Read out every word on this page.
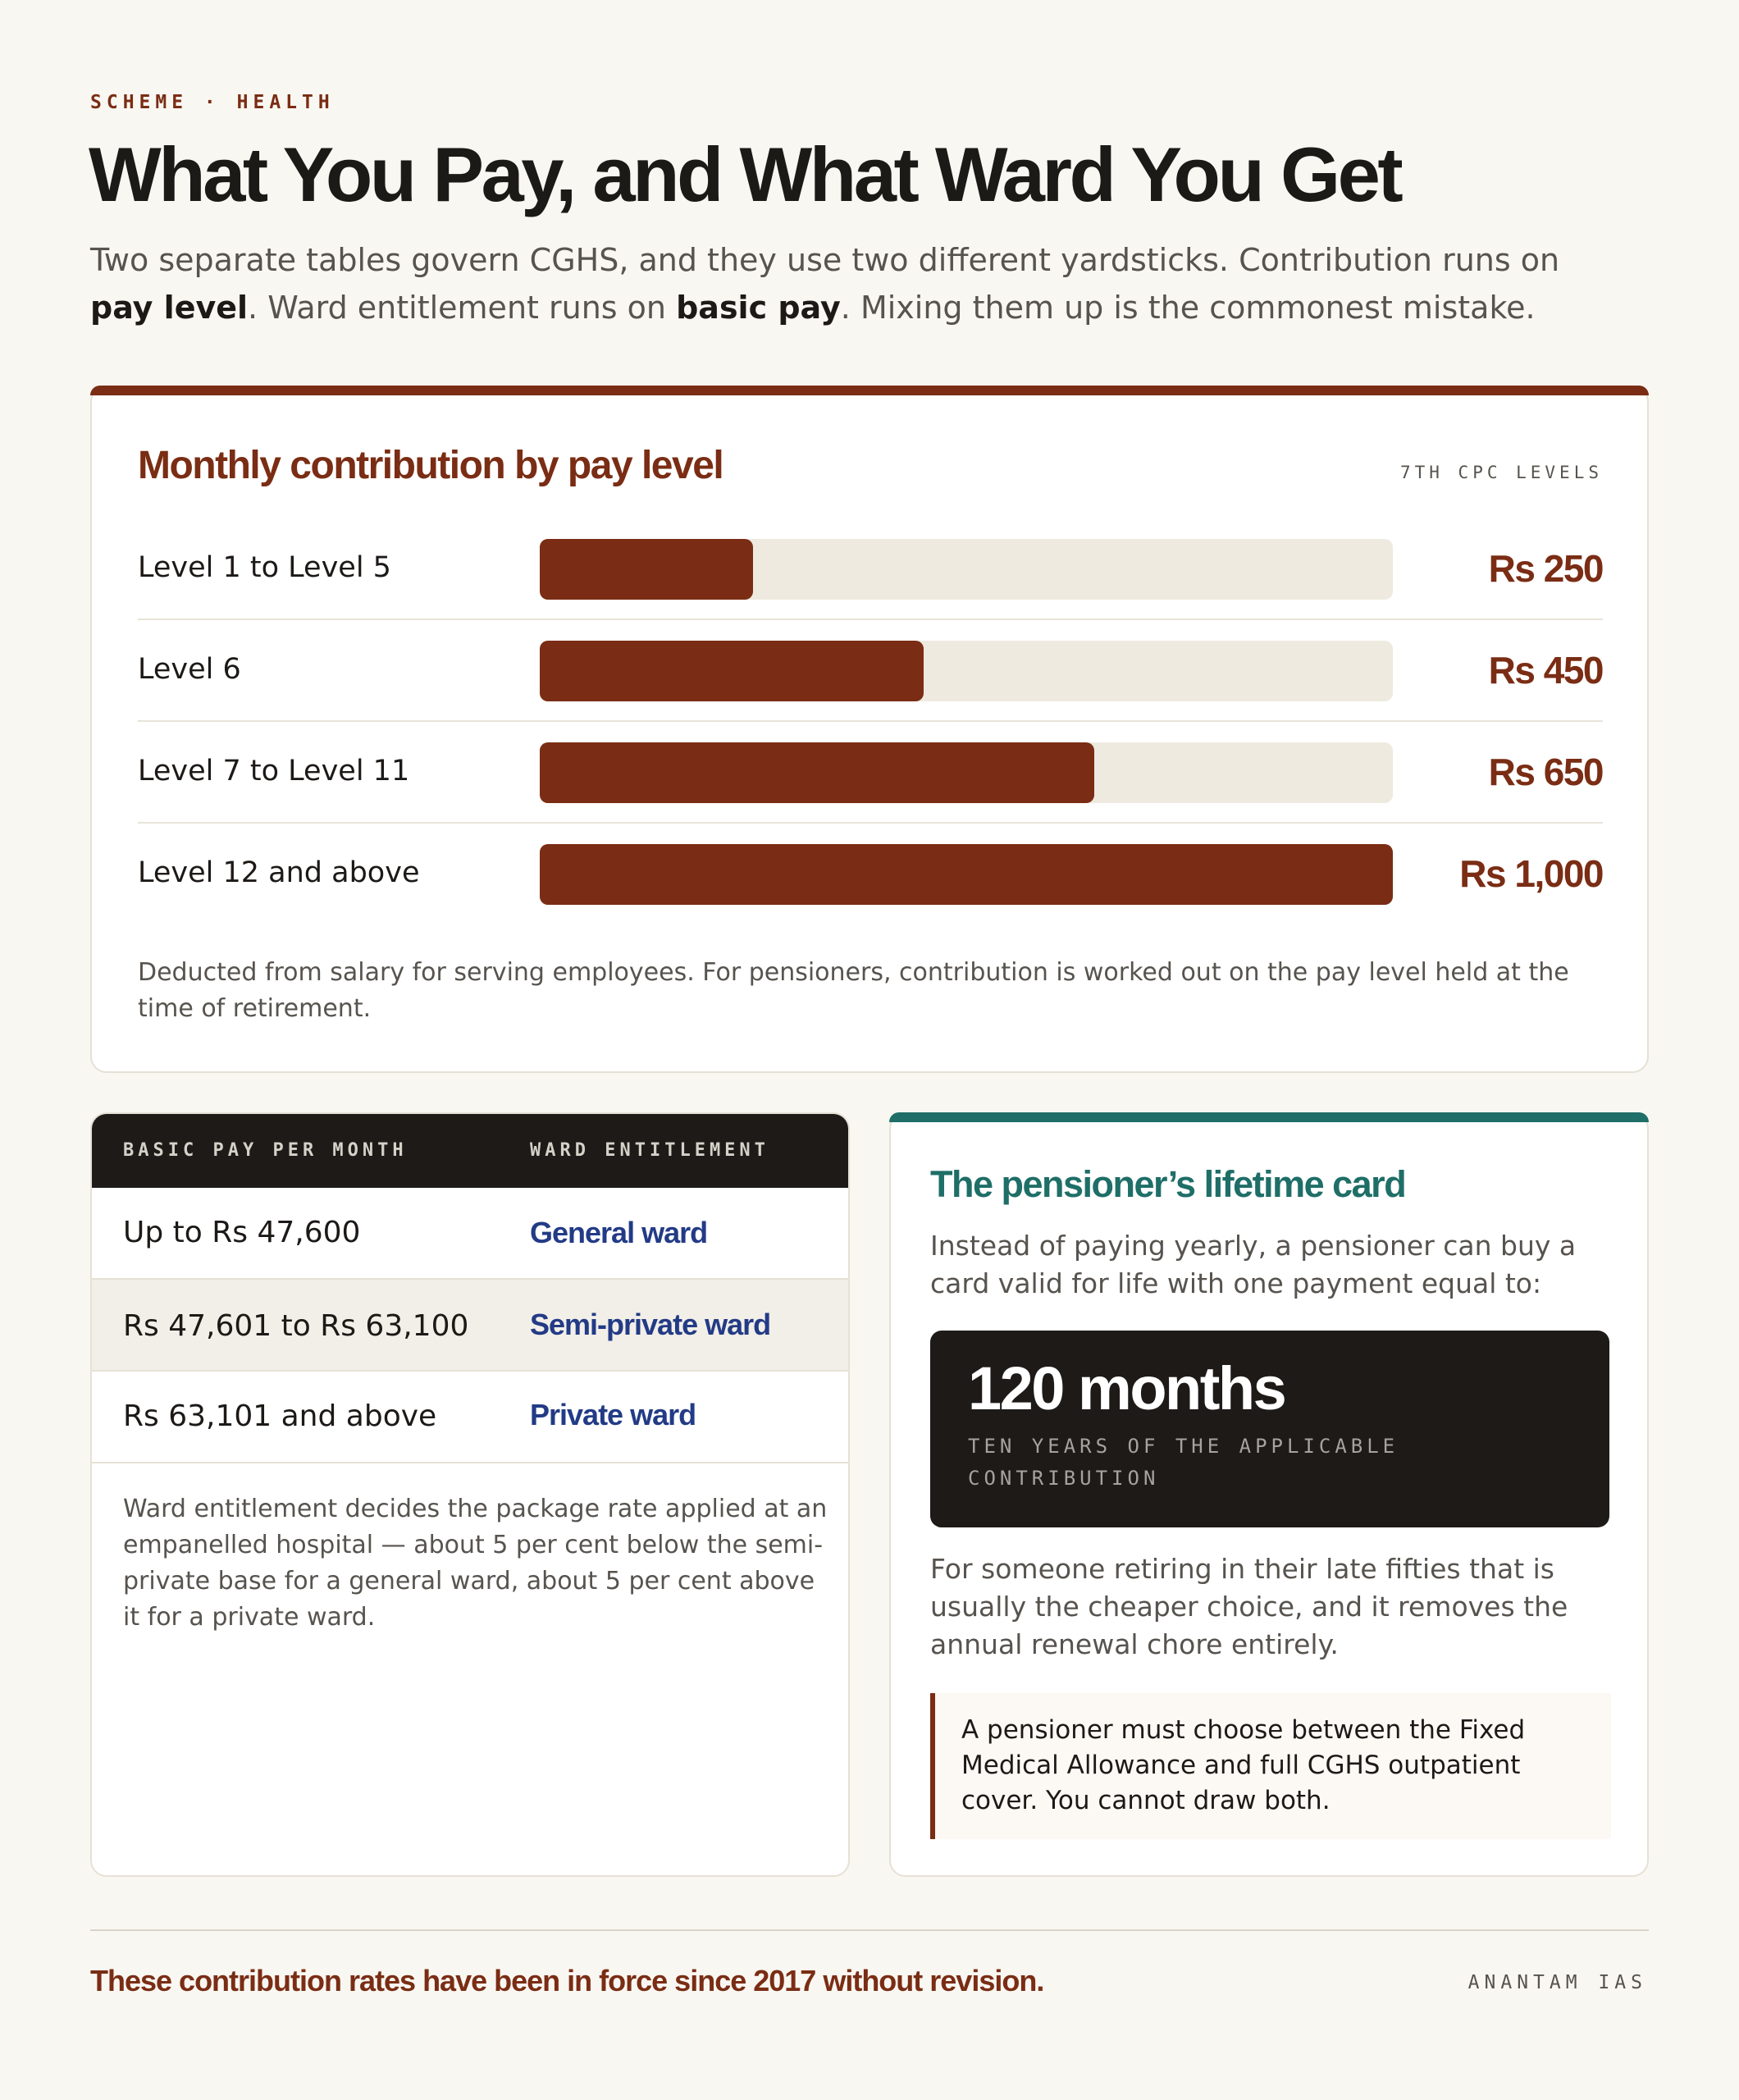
SCHEME · HEALTH
What You Pay, and What Ward You Get
Two separate tables govern CGHS, and they use two different yardsticks. Contribution runs on pay level. Ward entitlement runs on basic pay. Mixing them up is the commonest mistake.
Monthly contribution by pay level	7TH CPC LEVELS
Level 1 to Level 5	Rs 250
Level 6	Rs 450
Level 7 to Level 11	Rs 650
Level 12 and above	Rs 1,000
Deducted from salary for serving employees. For pensioners, contribution is worked out on the pay level held at the time of retirement.
BASIC PAY PER MONTH	WARD ENTITLEMENT
Up to Rs 47,600	General ward
Rs 47,601 to Rs 63,100 Semi-private ward
Rs 63,101 and above	Private ward
Ward entitlement decides the package rate applied at an empanelled hospital — about 5 per cent below the semi-private base for a general ward, about 5 per cent above it for a private ward.
The pensioner’s lifetime card
Instead of paying yearly, a pensioner can buy a card valid for life with one payment equal to:
120 months
TEN YEARS OF THE APPLICABLE CONTRIBUTION
For someone retiring in their late fifties that is usually the cheaper choice, and it removes the annual renewal chore entirely.
A pensioner must choose between the Fixed Medical Allowance and full CGHS outpatient cover. You cannot draw both.
These contribution rates have been in force since 2017 without revision.	ANANTAM IAS
